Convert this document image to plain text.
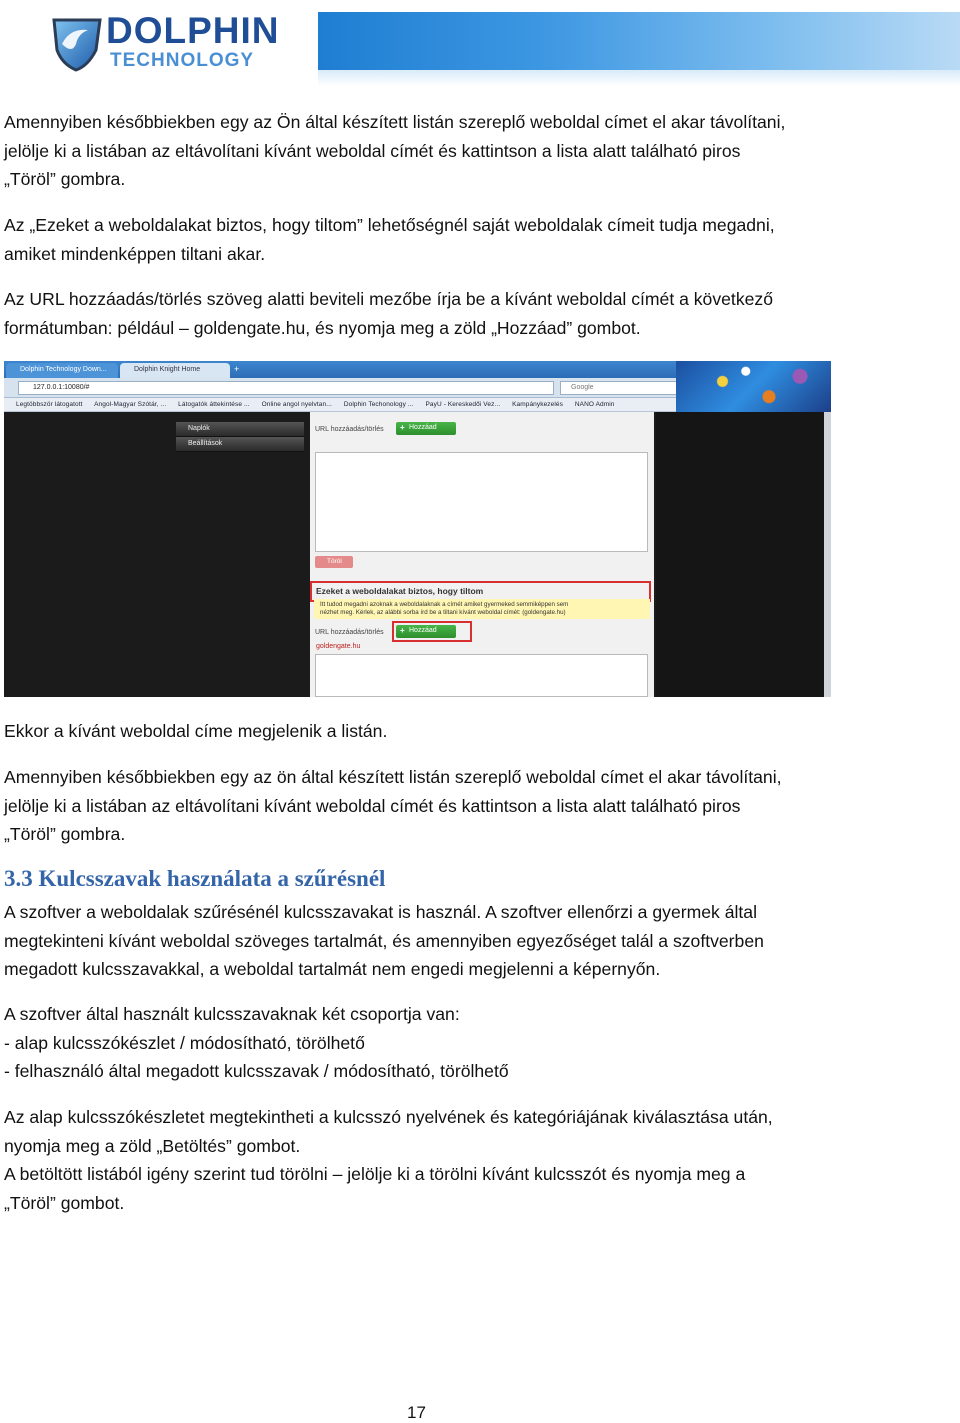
DOLPHIN
TECHNOLOGY
Amennyiben későbbiekben egy az Ön által készített listán szereplő weboldal címet el akar távolítani,
jelölje ki a listában az eltávolítani kívánt weboldal címét és kattintson a lista alatt található piros
„Töröl” gombra.
Az „Ezeket a weboldalakat biztos, hogy tiltom” lehetőségnél saját weboldalak címeit tudja megadni,
amiket mindenképpen tiltani akar.
Az URL hozzáadás/törlés szöveg alatti beviteli mezőbe írja be a kívánt weboldal címét a következő
formátumban: például – goldengate.hu, és nyomja meg a zöld „Hozzáad” gombot.
Dolphin Technology Down...	Dolphin Knight Home	+
127.0.0.1:10080/#	Google
Legtöbbször látogatott Angol-Magyar Szótár, ... Látogatók áttekintése ... Online angol nyelvtan... Dolphin Techonology ... PayU - Kereskedői Vez... Kampánykezelés NANO Admin
Naplók
Beállítások
URL hozzáadás/törlés	+ Hozzáad
Töröl
Ezeket a weboldalakat biztos, hogy tiltom
Itt tudod megadni azoknak a weboldalaknak a címét amiket gyermeked semmiképpen sem
nézhet meg. Kérlek, az alábbi sorba írd be a tiltani kívánt weboldal címét: (goldengate.hu)
URL hozzáadás/törlés	+ Hozzáad
goldengate.hu
Ekkor a kívánt weboldal címe megjelenik a listán.
Amennyiben későbbiekben egy az ön által készített listán szereplő weboldal címet el akar távolítani,
jelölje ki a listában az eltávolítani kívánt weboldal címét és kattintson a lista alatt található piros
„Töröl” gombra.
3.3 Kulcsszavak használata a szűrésnél
A szoftver a weboldalak szűrésénél kulcsszavakat is használ. A szoftver ellenőrzi a gyermek által
megtekinteni kívánt weboldal szöveges tartalmát, és amennyiben egyezőséget talál a szoftverben
megadott kulcsszavakkal, a weboldal tartalmát nem engedi megjelenni a képernyőn.
A szoftver által használt kulcsszavaknak két csoportja van:
- alap kulcsszókészlet / módosítható, törölhető
- felhasználó által megadott kulcsszavak / módosítható, törölhető
Az alap kulcsszókészletet megtekintheti a kulcsszó nyelvének és kategóriájának kiválasztása után,
nyomja meg a zöld „Betöltés” gombot.
A betöltött listából igény szerint tud törölni – jelölje ki a törölni kívánt kulcsszót és nyomja meg a
„Töröl” gombot.
17
